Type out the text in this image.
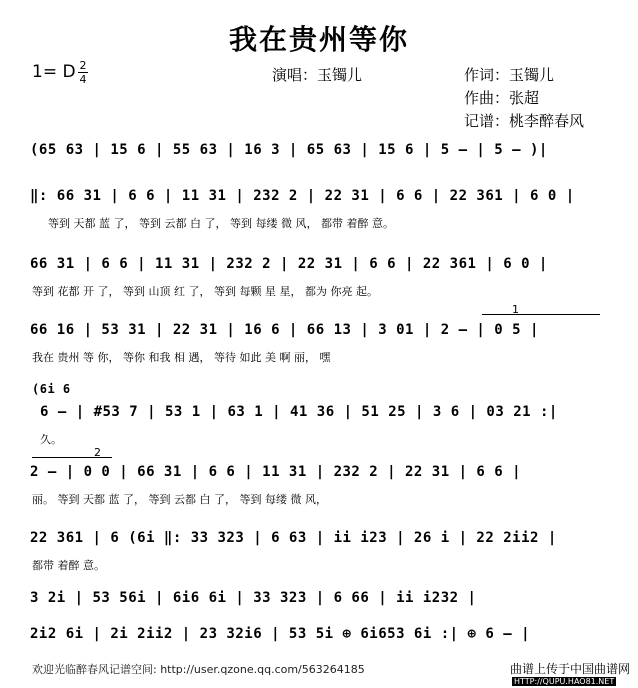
我在贵州等你
1= D 2
4	演唱：玉镯儿	作词：玉镯儿
作曲：张超
记谱：桃李醉春风
(65 63 | 15 6 | 55 63 | 16 3 | 65 63 | 15 6 | 5 – | 5 – )|
‖: 66 31 | 6 6 | 11 31 | 232 2 | 22 31 | 6 6 | 22 361 | 6 0 |
等到 天都 蓝 了， 等到 云都 白 了， 等到 每缕 微 风， 都带 着醉 意。
66 31 | 6 6 | 11 31 | 232 2 | 22 31 | 6 6 | 22 361 | 6 0 |
等到 花都 开 了， 等到 山顶 红 了， 等到 每颗 星 星， 都为 你亮 起。
1
66 16 | 53 31 | 22 31 | 16 6 | 66 13 | 3 01 | 2 – | 0 5 |
我在 贵州 等 你， 等你 和我 相 遇， 等待 如此 美 啊 丽， 嘿
(6i 6
6 – | #53 7 | 53 1 | 63 1 | 41 36 | 51 25 | 3 6 | 03 21 :|
久。
2
2 – | 0 0 | 66 31 | 6 6 | 11 31 | 232 2 | 22 31 | 6 6 |
丽。 等到 天都 蓝 了， 等到 云都 白 了， 等到 每缕 微 风，
22 361 | 6 (6i ‖: 33 323 | 6 63 | ii i23 | 26 i | 22 2ii2 |
都带 着醉 意。
3 2i | 53 56i | 6i6 6i | 33 323 | 6 66 | ii i232 |
2i2 6i | 2i 2ii2 | 23 32i6 | 53 5i ⊕ 6i653 6i :| ⊕ 6 – |
欢迎光临醉春风记谱空间: http://user.qzone.qq.com/563264185	曲谱上传于中国曲谱网
HTTP://QUPU.HAO81.NET
